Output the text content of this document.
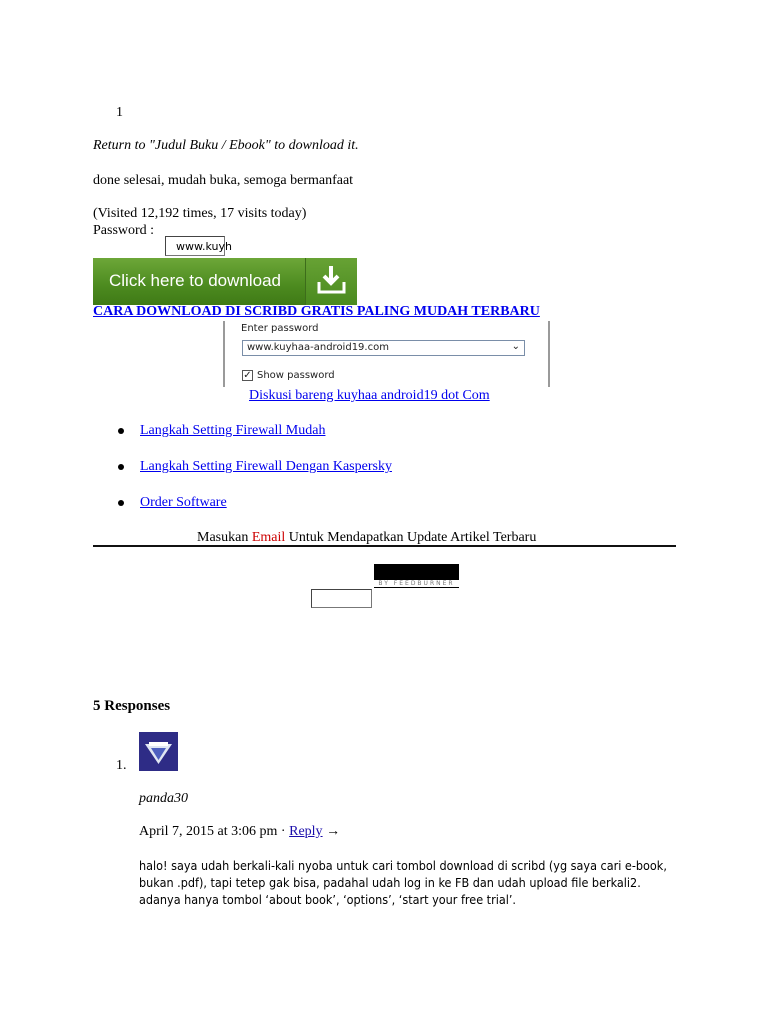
1
Return to "Judul Buku / Ebook" to download it.
done selesai, mudah buka, semoga bermanfaat
(Visited 12,192 times, 17 visits today)
Password :
www.kuyh
Click here to download
CARA DOWNLOAD DI SCRIBD GRATIS PALING MUDAH TERBARU
Enter password
www.kuyhaa-android19.com	⌄
✓ Show password
Diskusi bareng kuyhaa android19 dot Com
Langkah Setting Firewall Mudah
Langkah Setting Firewall Dengan Kaspersky
Order Software
Masukan Email Untuk Mendapatkan Update Artikel Terbaru
BY FEEDBURNER
5 Responses
1.
panda30
April 7, 2015 at 3:06 pm · Reply →
halo! saya udah berkali-kali nyoba untuk cari tombol download di scribd (yg saya cari e-book, bukan .pdf), tapi tetep gak bisa, padahal udah log in ke FB dan udah upload file berkali2. adanya hanya tombol ‘about book’, ‘options’, ‘start your free trial’.
